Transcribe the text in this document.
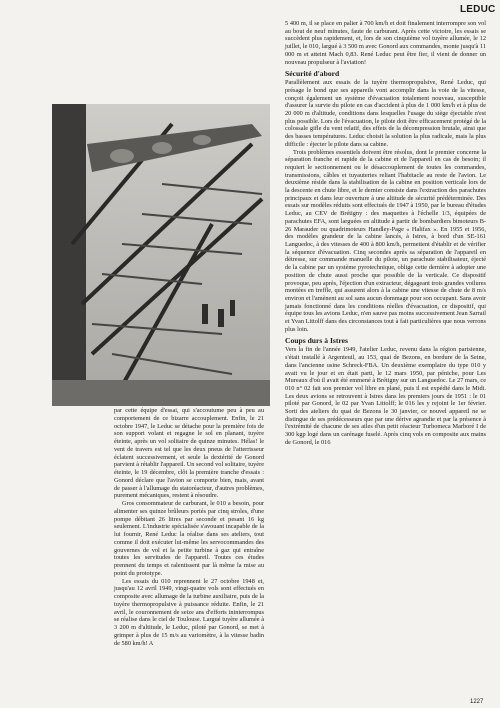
LEDUC

par cette équipe d'essai, qui s'accoutume peu à peu au comportement de ce bizarre accouplement. Enfin, le 21 octobre 1947, le Leduc se détache pour la première fois de son support volant et regagne le sol en planant, tuyère éteinte, après un vol solitaire de quinze minutes. Hélas! le vent de travers est tel que les deux pneus de l'atterrisseur éclatent successivement, et seule la dextérité de Gonord parvient à rétablir l'appareil. Un second vol solitaire, tuyère éteinte, le 19 décembre, clôt la première tranche d'essais : Gonord déclare que l'avion se comporte bien, mais, avant de passer à l'allumage du statoréacteur, d'autres problèmes, purement mécaniques, restent à résoudre.

Gros consommateur de carburant, le 010 a besoin, pour alimenter ses quinze brûleurs portés par cinq stroles, d'une pompe débitant 26 litres par seconde et pesant 16 kg seulement. L'industrie spécialisée s'avouant incapable de la lui fournir, René Leduc la réalise dans ses ateliers, tout comme il doit exécuter lui-même les servocommandes des gouvernes de vol et la petite turbine à gaz qui entraîne toutes les servitudes de l'appareil. Toutes ces études prennent du temps et ralentissent par là même la mise au point du prototype.

Les essais du 010 reprennent le 27 octobre 1948 et, jusqu'au 12 avril 1949, vingt-quatre vols sont effectués en composite avec allumage de la turbine auxiliaire, puis de la tuyère thermopropulsive à puissance réduite. Enfin, le 21 avril, le couronnement de seize ans d'efforts ininterrompus se réalise dans le ciel de Toulouse. Largué tuyère allumée à 3 200 m d'altitude, le Leduc, piloté par Gonord, se met à grimper à plus de 15 m/s au variomètre, à la vitesse badin de 580 km/h! A

5 400 m, il se place en palier à 700 km/h et doit finalement interrompre son vol au bout de neuf minutes, faute de carburant. Après cette victoire, les essais se succèdent plus rapidement, et, lors de son cinquième vol tuyère allumée, le 12 juillet, le 010, largué à 3 500 m avec Gonord aux commandes, monte jusqu'à 11 000 m et atteint Mach 0,83. René Leduc peut être fier, il vient de donner un nouveau propulseur à l'aviation!

Sécurité d'abord

Parallèlement aux essais de la tuyère thermopropulsive, René Leduc, qui présage le bond que ses appareils vont accomplir dans la voie de la vitesse, conçoit également un système d'évacuation totalement nouveau, susceptible d'assurer la survie du pilote en cas d'accident à plus de 1 000 km/h et à plus de 20 000 m d'altitude, conditions dans lesquelles l'usage du siège éjectable n'est plus possible. Lors de l'évacuation, le pilote doit être efficacement protégé de la colossale gifle du vent relatif, des effets de la décompression brutale, ainsi que des basses températures. Leduc choisit la solution la plus radicale, mais la plus difficile : éjecter le pilote dans sa cabine.

Trois problèmes essentiels doivent être résolus, dont le premier concerne la séparation franche et rapide de la cabine et de l'appareil en cas de besoin; il requiert le sectionnement ou le désaccouplement de toutes les commandes, transmissions, câbles et tuyauteries reliant l'habitacle au reste de l'avion. Le deuxième réside dans la stabilisation de la cabine en position verticale lors de la descente en chute libre, et le dernier consiste dans l'extraction des parachutes principaux et dans leur ouverture à une altitude de sécurité prédéterminée. Des essais sur modèles réduits sont effectués de 1947 à 1950, par le bureau d'études Leduc, au CEV de Brétigny : des maquettes à l'échelle 1/3, équipées de parachutes EFA, sont larguées en altitude à partir de bombardiers bimoteurs B-26 Marauder ou quadrimoteurs Handley-Page « Halifax ». En 1955 et 1956, des modèles grandeur de la cabine lancés, à Istres, à bord d'un SE-161 Languedoc, à des vitesses de 400 à 800 km/h, permettent d'établir et de vérifier la séquence d'évacuation. Cinq secondes après sa séparation de l'appareil en détresse, sur commande manuelle du pilote, un parachute stabilisateur, éjecté de la cabine par un système pyrotechnique, oblige cette dernière à adopter une position de chute aussi proche que possible de la verticale. Ce dispositif provoque, peu après, l'éjection d'un extracteur, dégageant trois grandes voilures montées en treffle, qui assurent alors à la cabine une vitesse de chute de 8 m/s environ et l'amènent au sol sans aucun dommage pour son occupant. Sans avoir jamais fonctionné dans les conditions réelles d'évacuation, ce dispositif, qui équipe tous les avions Leduc, n'en sauve pas moins successivement Jean Sarrail et Yvan Littolff dans des circonstances tout à fait particulières que nous verrons plus loin.

Coups durs à Istres

Vers la fin de l'année 1949, l'atelier Leduc, revenu dans la région parisienne, s'était installé à Argenteuil, au 153, quai de Bezons, en bordure de la Seine, dans l'ancienne usine Schreck-FBA. Un deuxième exemplaire du type 010 y avait vu le jour et en était parti, le 12 mars 1950, par péniche, pour Les Mureaux d'où il avait été emmené à Brétigny sur un Languedoc. Le 27 mars, ce 010 n° 02 fait son premier vol libre en plané, puis il est expédié dans le Midi. Les deux avions se retrouvent à Istres dans les premiers jours de 1951 : le 01 piloté par Gonord, le 02 par Yvan Littolff; le 016 les y rejoint le 1er février. Sorti des ateliers du quai de Bezons le 30 janvier, ce nouvel appareil ne se distingue de ses prédécesseurs que par une dérive agrandie et par la présence à l'extrémité de chacune de ses ailes d'un petit réacteur Turbomeca Marboré I de 300 kgp logé dans un carénage fuselé. Après cinq vols en composite aux mains de Gonord, le 016

1227
